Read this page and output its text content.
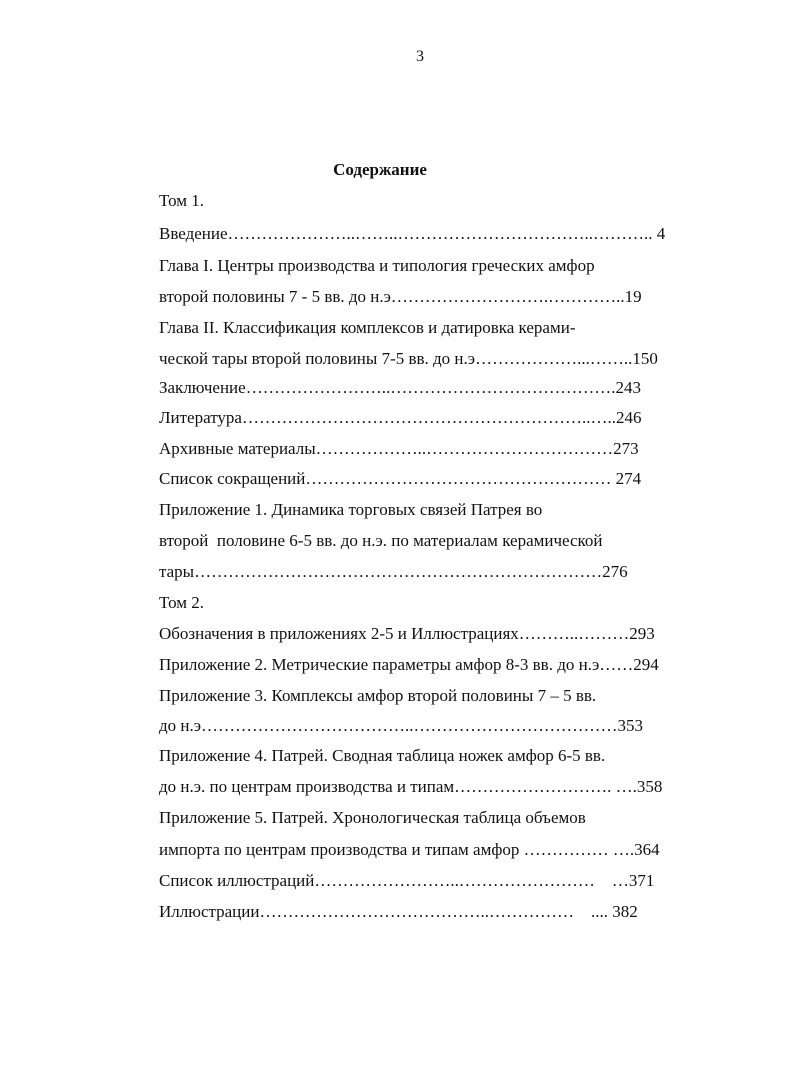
3
Содержание
Том 1.
Введение…………………..……..……………………………..……….. 4
Глава I. Центры производства и типология греческих амфор
второй половины 7 - 5 вв. до н.э……………………….…………..19
Глава II. Классификация комплексов и датировка керами-
ческой тары второй половины 7-5 вв. до н.э………………...……..150
Заключение……………………..………………………………….243
Литература……………………………………………………..…..246
Архивные материалы………………..……………………………273
Список сокращений……………………………………………… 274
Приложение 1. Динамика торговых связей Патрея во
второй  половине 6-5 вв. до н.э. по материалам керамической
тары………………………………………………………………276
Том 2.
Обозначения в приложениях 2-5 и Иллюстрациях………..………293
Приложение 2. Метрические параметры амфор 8-3 вв. до н.э……294
Приложение 3. Комплексы амфор второй половины 7 – 5 вв.
до н.э………………………………..………………………………353
Приложение 4. Патрей. Сводная таблица ножек амфор 6-5 вв.
до н.э. по центрам производства и типам………………………. ….358
Приложение 5. Патрей. Хронологическая таблица объемов
импорта по центрам производства и типам амфор …………… ….364
Список иллюстраций……………………..……………………    …371
Иллюстрации…………………………………..……………    .... 382
